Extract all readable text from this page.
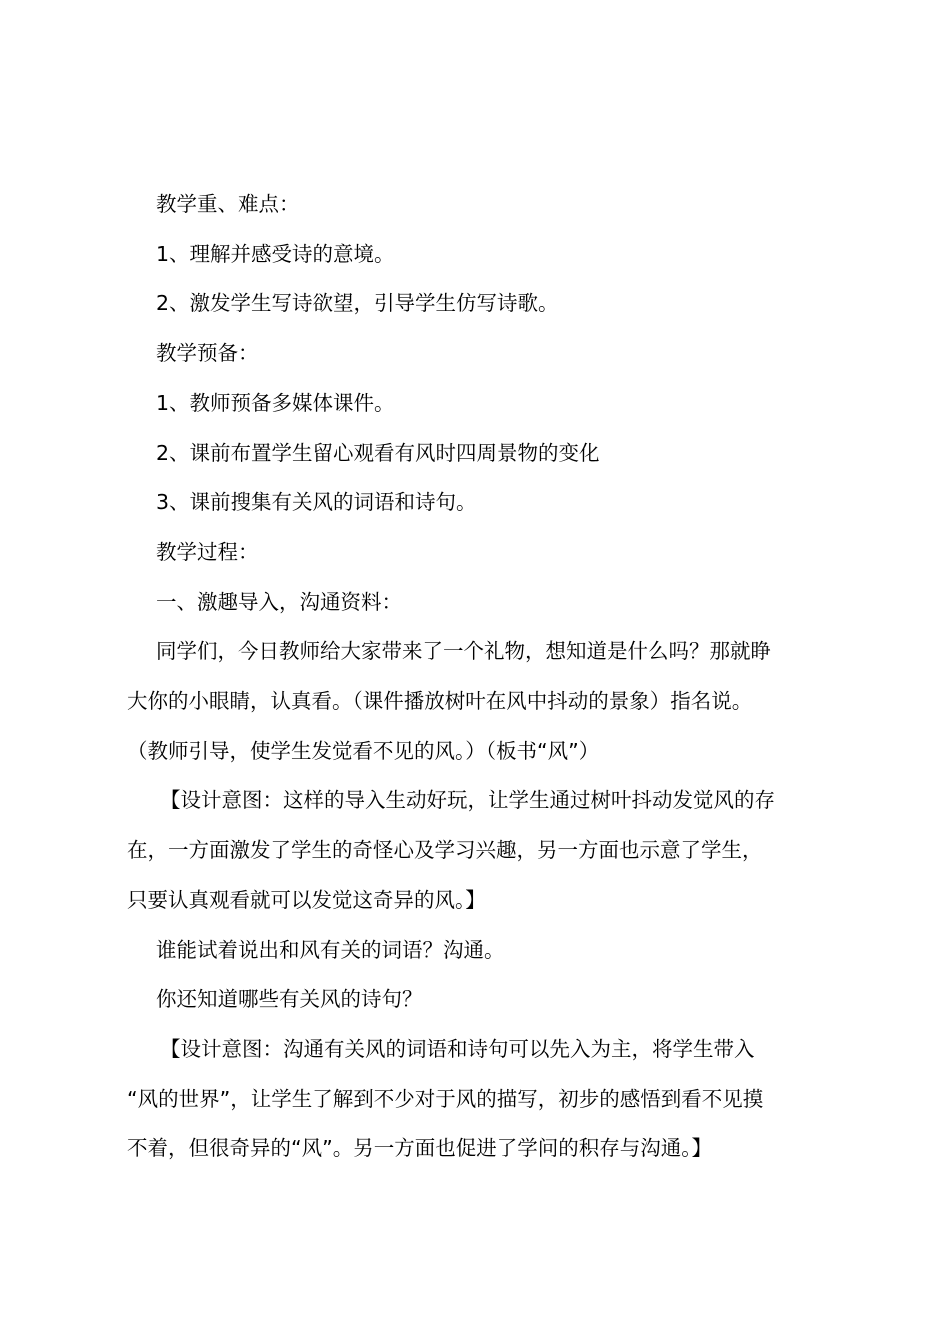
教学重、难点：
1、理解并感受诗的意境。
2、激发学生写诗欲望，引导学生仿写诗歌。
教学预备：
1、教师预备多媒体课件。
2、课前布置学生留心观看有风时四周景物的变化
3、课前搜集有关风的词语和诗句。
教学过程：
一、激趣导入，沟通资料：
同学们，今日教师给大家带来了一个礼物，想知道是什么吗？那就睁
大你的小眼睛，认真看。（课件播放树叶在风中抖动的景象）指名说。
（教师引导，使学生发觉看不见的风。）（板书“风”）
【设计意图：这样的导入生动好玩，让学生通过树叶抖动发觉风的存
在，一方面激发了学生的奇怪心及学习兴趣，另一方面也示意了学生，
只要认真观看就可以发觉这奇异的风。】
谁能试着说出和风有关的词语？沟通。
你还知道哪些有关风的诗句？
【设计意图：沟通有关风的词语和诗句可以先入为主，将学生带入
“风的世界”，让学生了解到不少对于风的描写，初步的感悟到看不见摸
不着，但很奇异的“风”。另一方面也促进了学问的积存与沟通。】
